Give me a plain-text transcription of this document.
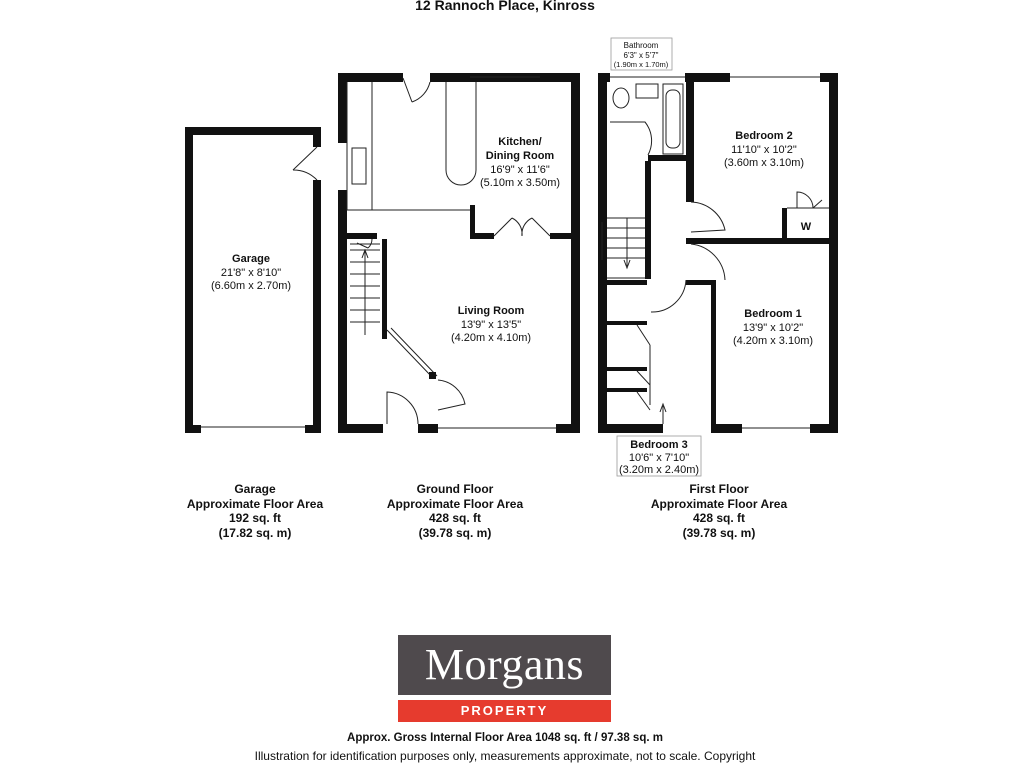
12 Rannoch Place, Kinross
Bathroom
6'3" x 5'7"
(1.90m x 1.70m)
Kitchen/
Dining Room
16'9" x 11'6"
(5.10m x 3.50m)
Garage
21'8" x 8'10"
(6.60m x 2.70m)
Living Room
13'9" x 13'5"
(4.20m x 4.10m)
Bedroom 2
11'10" x 10'2"
(3.60m x 3.10m)
W
Bedroom 1
13'9" x 10'2"
(4.20m x 3.10m)
Bedroom 3
10'6" x 7'10"
(3.20m x 2.40m)
Garage
Approximate Floor Area
192 sq. ft
(17.82 sq. m)
Ground Floor
Approximate Floor Area
428 sq. ft
(39.78 sq. m)
First Floor
Approximate Floor Area
428 sq. ft
(39.78 sq. m)
Morgans
PROPERTY
Approx. Gross Internal Floor Area 1048 sq. ft / 97.38 sq. m
Illustration for identification purposes only, measurements approximate, not to scale. Copyright
